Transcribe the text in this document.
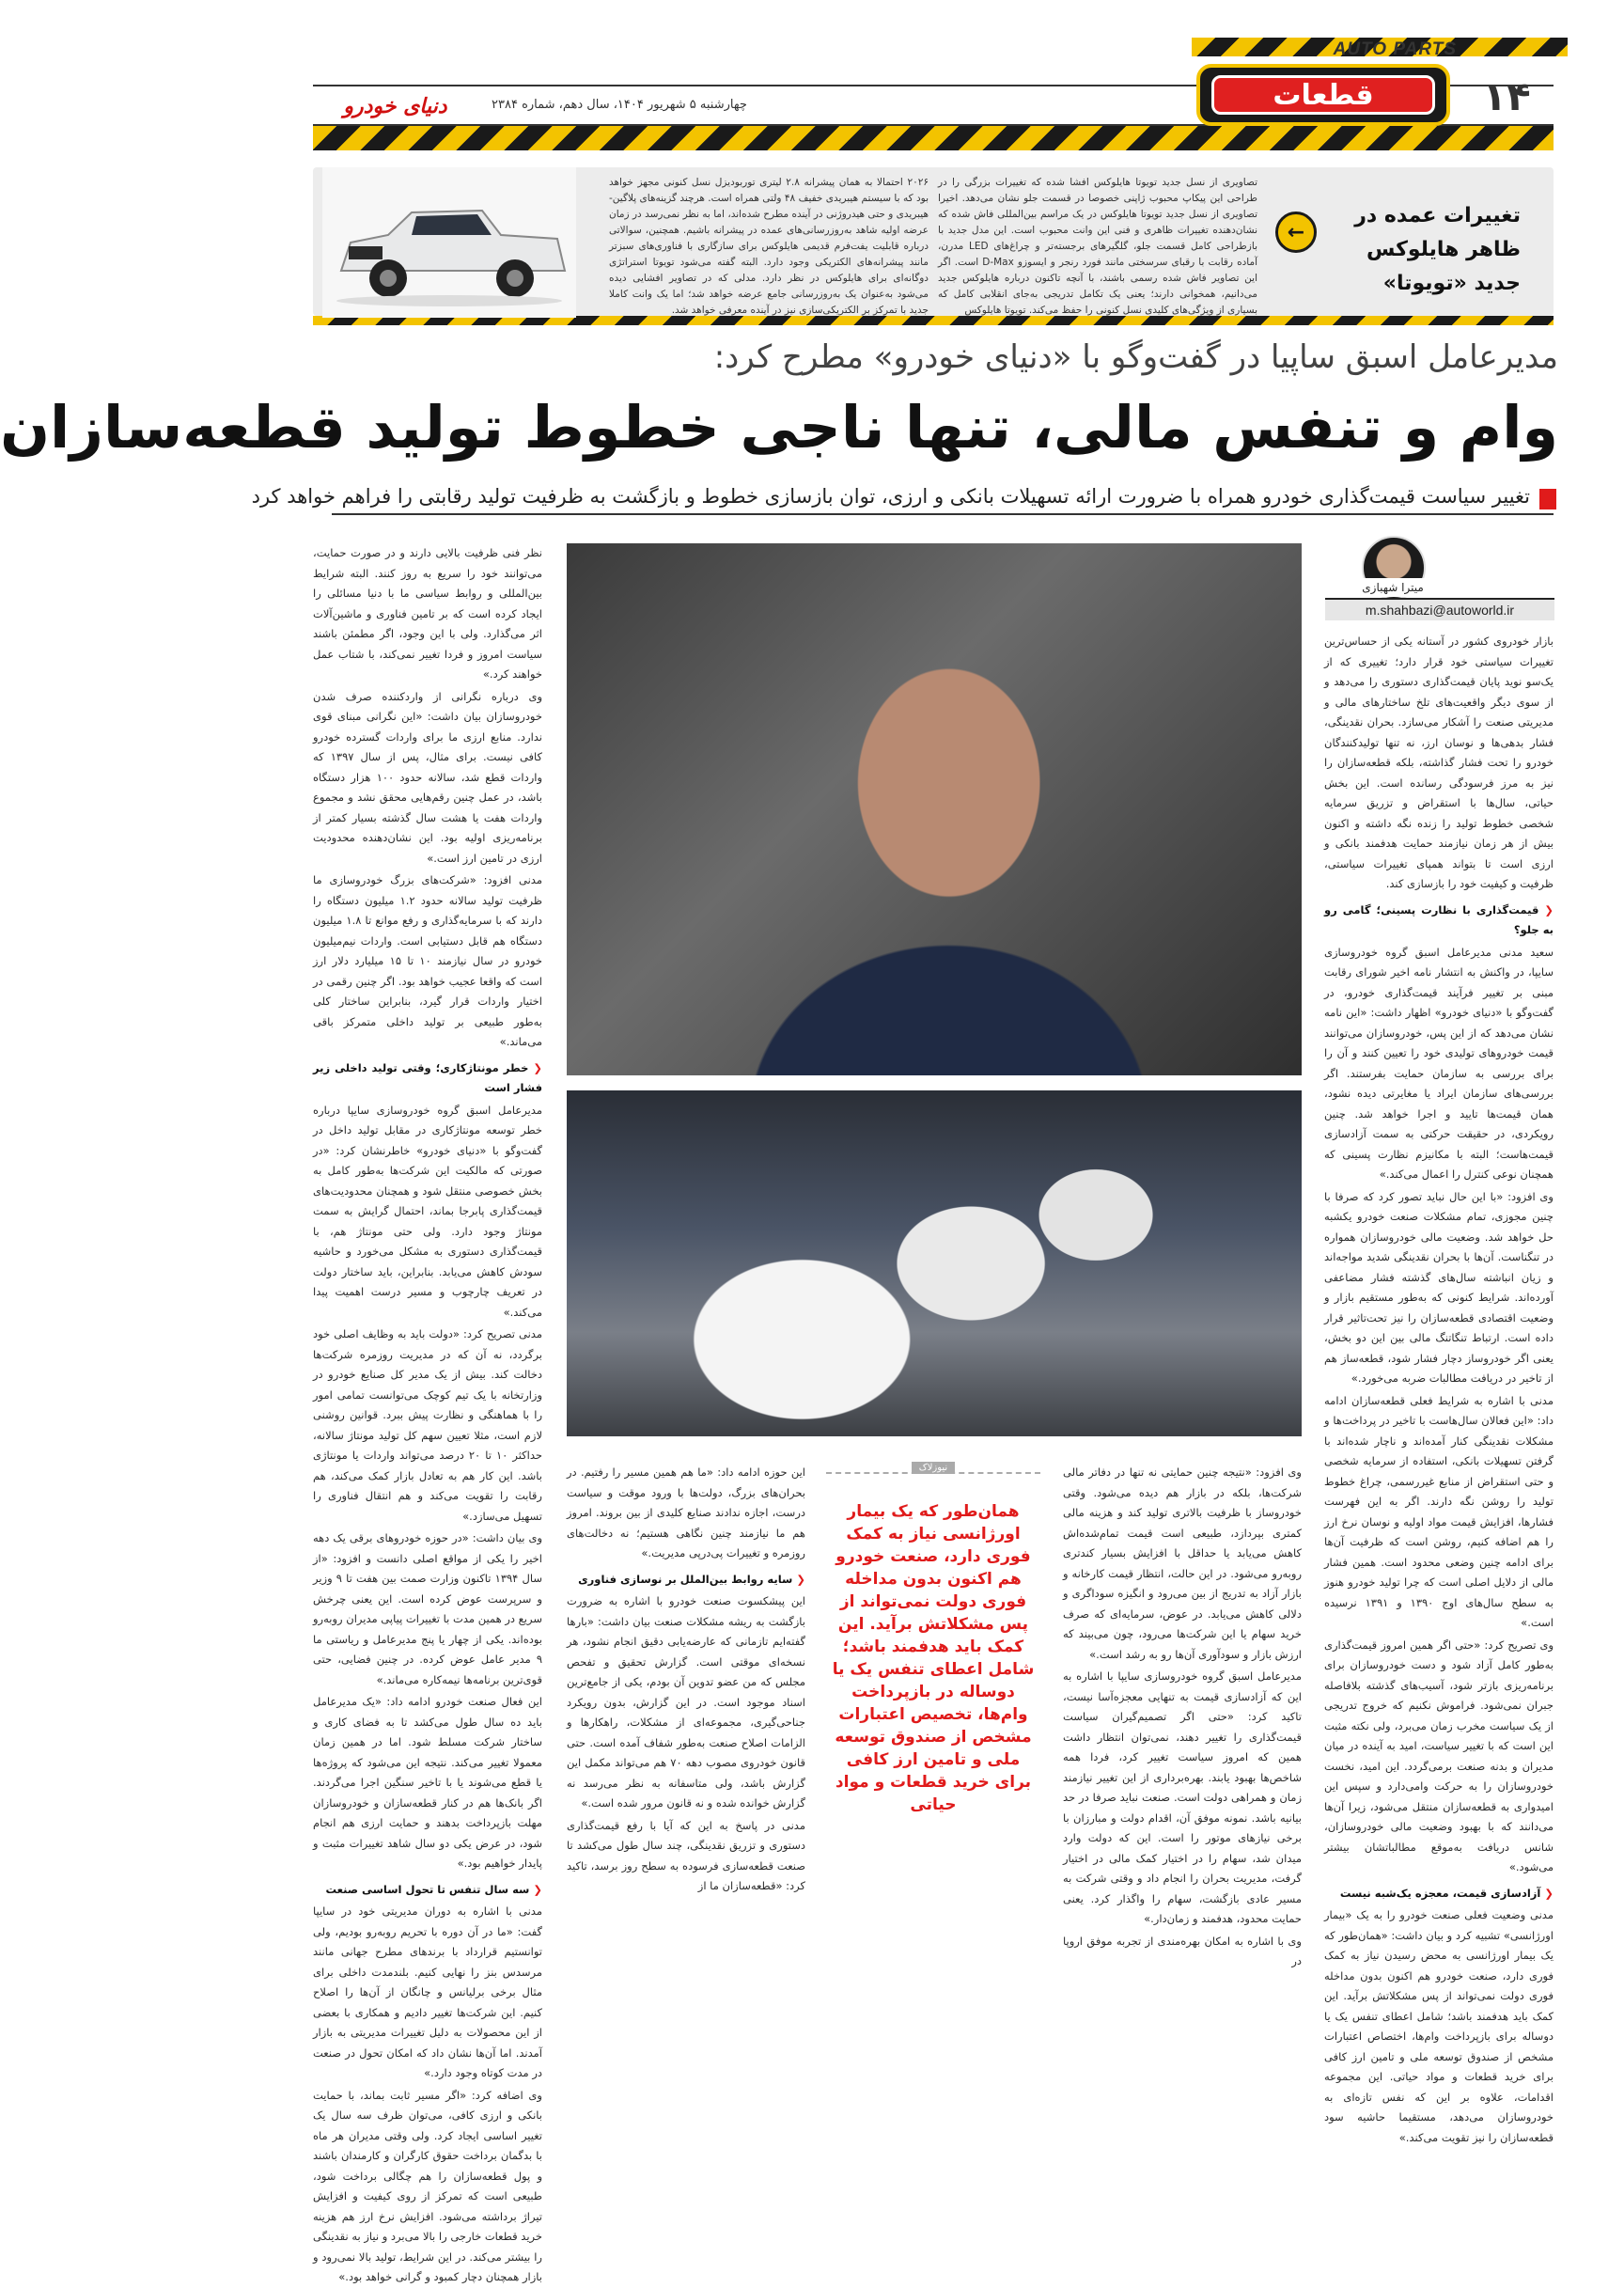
AUTO PARTS
قطعات	۱۴
چهارشنبه ۵ شهریور ۱۴۰۴، سال دهم، شماره ۲۳۸۴
دنیای خودرو
تغییرات عمده در ظاهر هایلوکس جدید «تویوتا»
←
تصاویری از نسل جدید تویوتا هایلوکس افشا شده که تغییرات بزرگی را در طراحی این پیکاپ محبوب ژاپنی خصوصا در قسمت جلو نشان می‌دهد. اخیرا تصاویری از نسل جدید تویوتا هایلوکس در یک مراسم بین‌المللی فاش شده که نشان‌دهنده تغییرات ظاهری و فنی این وانت محبوب است. این مدل جدید با بازطراحی کامل قسمت جلو، گلگیرهای برجسته‌تر و چراغ‌های LED مدرن، آماده رقابت با رقبای سرسختی مانند فورد رنجر و ایسوزو D-Max است. اگر این تصاویر فاش شده رسمی باشند، با آنچه تاکنون درباره هایلوکس جدید می‌دانیم، همخوانی دارند؛ یعنی یک تکامل تدریجی به‌جای انقلابی کامل که بسیاری از ویژگی‌های کلیدی نسل کنونی را حفظ می‌کند. تویوتا هایلوکس
۲۰۲۶ احتمالا به همان پیشرانه ۲.۸ لیتری توربودیزل نسل کنونی مجهز خواهد بود که با سیستم هیبریدی خفیف ۴۸ ولتی همراه است. هرچند گزینه‌های پلاگین-هیبریدی و حتی هیدروژنی در آینده مطرح شده‌اند، اما به نظر نمی‌رسد در زمان عرضه اولیه شاهد به‌روزرسانی‌های عمده در پیشرانه باشیم. همچنین، سوالاتی درباره قابلیت یفت‌فرم قدیمی هایلوکس برای سازگاری با فناوری‌های سبزتر مانند پیشرانه‌های الکتریکی وجود دارد. البته گفته می‌شود تویوتا استراتژی دوگانه‌ای برای هایلوکس در نظر دارد. مدلی که در تصاویر افشایی دیده می‌شود به‌عنوان یک به‌روزرسانی جامع عرضه خواهد شد؛ اما یک وانت کاملا جدید با تمرکز بر الکتریکی‌سازی نیز در آینده معرفی خواهد شد.
مدیرعامل اسبق ساپیا در گفت‌وگو با «دنیای خودرو» مطرح کرد:
وام و تنفس مالی، تنها ناجی خطوط تولید قطعه‌سازان
تغییر سیاست قیمت‌گذاری خودرو همراه با ضرورت ارائه تسهیلات بانکی و ارزی، توان بازسازی خطوط و بازگشت به ظرفیت تولید رقابتی را فراهم خواهد کرد
میترا شهبازی
m.shahbazi@autoworld.ir

بازار خودروی کشور در آستانه یکی از حساس‌ترین تغییرات سیاستی خود قرار دارد؛ تغییری که از یک‌سو نوید پایان قیمت‌گذاری دستوری را می‌دهد و از سوی دیگر واقعیت‌های تلخ ساختارهای مالی و مدیریتی صنعت را آشکار می‌سازد. بحران نقدینگی، فشار بدهی‌ها و نوسان ارز، نه تنها تولیدکنندگان خودرو را تحت فشار گذاشته، بلکه قطعه‌سازان را نیز به مرز فرسودگی رسانده است. این بخش حیاتی، سال‌ها با استقراض و تزریق سرمایه شخصی خطوط تولید را زنده نگه داشته و اکنون بیش از هر زمان نیازمند حمایت هدفمند بانکی و ارزی است تا بتواند همپای تغییرات سیاستی، ظرفیت و کیفیت خود را بازسازی کند.

❮ قیمت‌گذاری با نظارت پسینی؛ گامی رو به جلو؟

سعید مدنی مدیرعامل اسبق گروه خودروسازی سایپا، در واکنش به انتشار نامه اخیر شورای رقابت مبنی بر تغییر فرآیند قیمت‌گذاری خودرو، در گفت‌وگو با «دنیای خودرو» اظهار داشت: «این نامه نشان می‌دهد که از این پس، خودروسازان می‌توانند قیمت خودروهای تولیدی خود را تعیین کنند و آن را برای بررسی به سازمان حمایت بفرستند. اگر بررسی‌های سازمان ایراد یا مغایرتی دیده نشود، همان قیمت‌ها تایید و اجرا خواهد شد. چنین رویکردی، در حقیقت حرکتی به سمت آزادسازی قیمت‌هاست؛ البته با مکانیزم نظارت پسینی که همچنان نوعی کنترل را اعمال می‌کند.»

وی افزود: «با این حال نباید تصور کرد که صرفا با چنین مجوزی، تمام مشکلات صنعت خودرو یکشبه حل خواهد شد. وضعیت مالی خودروسازان همواره در تنگناست. آن‌ها با بحران نقدینگی شدید مواجه‌اند و زیان انباشته سال‌های گذشته فشار مضاعفی آورده‌اند. شرایط کنونی که به‌طور مستقیم بازار و وضعیت اقتصادی قطعه‌سازان را نیز تحت‌تاثیر قرار داده است. ارتباط تنگاتنگ مالی بین این دو بخش، یعنی اگر خودروساز دچار فشار شود، قطعه‌ساز هم از تاخیر در دریافت مطالبات ضربه می‌خورد.»

مدنی با اشاره به شرایط فعلی قطعه‌سازان ادامه داد: «این فعالان سال‌هاست با تاخیر در پرداخت‌ها و مشکلات نقدینگی کنار آمده‌اند و ناچار شده‌اند با گرفتن تسهیلات بانکی، استفاده از سرمایه شخصی و حتی استقراض از منابع غیررسمی، چراغ خطوط تولید را روشن نگه دارند. اگر به این فهرست فشارها، افزایش قیمت مواد اولیه و نوسان نرخ ارز را هم اضافه کنیم، روشن است که ظرفیت آن‌ها برای ادامه چنین وضعی محدود است. همین فشار مالی از دلایل اصلی است که چرا تولید خودرو هنوز به سطح سال‌های اوج ۱۳۹۰ و ۱۳۹۱ نرسیده است.»

وی تصریح کرد: «حتی اگر همین امروز قیمت‌گذاری به‌طور کامل آزاد شود و دست خودروسازان برای برنامه‌ریزی بازتر شود، آسیب‌های گذشته بلافاصله جبران نمی‌شود. فراموش نکنیم که خروج تدریجی از یک سیاست مخرب زمان می‌برد، ولی نکته مثبت این است که با تغییر سیاست، امید به آینده در میان مدیران و بدنه صنعت برمی‌گردد. این امید، نخست خودروسازان را به حرکت وامی‌دارد و سپس این امیدواری به قطعه‌سازان منتقل می‌شود، زیرا آن‌ها می‌دانند که با بهبود وضعیت مالی خودروسازان، شانس دریافت به‌موقع مطالباتشان بیشتر می‌شود.»

❮ آزادسازی قیمت، معجزه یک‌شبه نیست

مدنی وضعیت فعلی صنعت خودرو را به یک «بیمار اورژانسی» تشبیه کرد و بیان داشت: «همان‌طور که یک بیمار اورژانسی به محض رسیدن نیاز به کمک فوری دارد، صنعت خودرو هم اکنون بدون مداخله فوری دولت نمی‌تواند از پس مشکلاتش برآید. این کمک باید هدفمند باشد؛ شامل اعطای تنفس یک یا دوساله برای بازپرداخت وام‌ها، اختصاص اعتبارات مشخص از صندوق توسعه ملی و تامین ارز کافی برای خرید قطعات و مواد حیاتی. این مجموعه اقدامات، علاوه بر این که نفس تازه‌ای به خودروسازان می‌دهد، مستقیما حاشیه سود قطعه‌سازان را نیز تقویت می‌کند.»

نظر فنی ظرفیت بالایی دارند و در صورت حمایت، می‌توانند خود را سریع به روز کنند. البته شرایط بین‌المللی و روابط سیاسی ما با دنیا مسائلی را ایجاد کرده است که بر تامین فناوری و ماشین‌آلات اثر می‌گذارد. ولی با این وجود، اگر مطمئن باشند سیاست امروز و فردا تغییر نمی‌کند، با شتاب عمل خواهند کرد.»

وی درباره نگرانی از واردکننده صرف شدن خودروسازان بیان داشت: «این نگرانی مبنای قوی ندارد. منابع ارزی ما برای واردات گسترده خودرو کافی نیست. برای مثال، پس از سال ۱۳۹۷ که واردات قطع شد، سالانه حدود ۱۰۰ هزار دستگاه باشد، در عمل چنین رقم‌هایی محقق نشد و مجموع واردات هفت یا هشت سال گذشته بسیار کمتر از برنامه‌ریزی اولیه بود. این نشان‌دهنده محدودیت ارزی در تامین ارز است.»

مدنی افزود: «شرکت‌های بزرگ خودروسازی ما ظرفیت تولید سالانه حدود ۱.۲ میلیون دستگاه را دارند که با سرمایه‌گذاری و رفع موانع تا ۱.۸ میلیون دستگاه هم قابل دستیابی است. واردات نیم‌میلیون خودرو در سال نیازمند ۱۰ تا ۱۵ میلیارد دلار ارز است که واقعا عجیب خواهد بود. اگر چنین رقمی در اختیار واردات قرار گیرد، بنابراین ساختار کلی به‌طور طبیعی بر تولید داخلی متمرکز باقی می‌ماند.»

❮ خطر مونتاژکاری؛ وقتی تولید داخلی زیر فشار است

مدیرعامل اسبق گروه خودروسازی سایپا درباره خطر توسعه مونتاژکاری در مقابل تولید داخل در گفت‌وگو با «دنیای خودرو» خاطرنشان کرد: «در صورتی که مالکیت این شرکت‌ها به‌طور کامل به بخش خصوصی منتقل شود و همچنان محدودیت‌های قیمت‌گذاری پابرجا بماند، احتمال گرایش به سمت مونتاژ وجود دارد. ولی حتی مونتاژ هم، با قیمت‌گذاری دستوری به مشکل می‌خورد و حاشیه سودش کاهش می‌یابد. بنابراین، باید ساختار دولت در تعریف چارچوب و مسیر درست اهمیت پیدا می‌کند.»

مدنی تصریح کرد: «دولت باید به وظایف اصلی خود برگردد، نه آن که در مدیریت روزمره شرکت‌ها دخالت کند. بیش از یک مدیر کل صنایع خودرو در وزارتخانه با یک تیم کوچک می‌توانست تمامی امور را با هماهنگی و نظارت پیش ببرد. قوانین روشنی لازم است، مثلا تعیین سهم کل تولید مونتاژ سالانه، حداکثر ۱۰ تا ۲۰ درصد می‌تواند واردات یا مونتاژی باشد. این کار هم به تعادل بازار کمک می‌کند، هم رقابت را تقویت می‌کند و هم انتقال فناوری را تسهیل می‌سازد.»

وی بیان داشت: «در حوزه خودروهای برقی یک دهه اخیر را یکی از مواقع اصلی دانست و افزود: «از سال ۱۳۹۴ تاکنون وزارت صمت بین هفت تا ۹ وزیر و سرپرست عوض کرده است. این یعنی چرخش سریع در همین مدت با تغییرات پیاپی مدیران روبه‌رو بوده‌اند. یکی از چهار یا پنج مدیرعامل و ریاستی ما ۹ مدیر عامل عوض کرده. در چنین فضایی، حتی قوی‌ترین برنامه‌ها نیمه‌کاره می‌ماند.»

این فعال صنعت خودرو ادامه داد: «یک مدیرعامل باید ده سال طول می‌کشد تا به فضای کاری و ساختار شرکت مسلط شود. اما در همین زمان معمولا تغییر می‌کند. نتیجه این می‌شود که پروژه‌ها یا قطع می‌شوند یا با تاخیر سنگین اجرا می‌گردند. اگر بانک‌ها هم در کنار قطعه‌سازان و خودروسازان مهلت بازپرداخت بدهند و حمایت ارزی هم انجام شود، در عرض یکی دو سال شاهد تغییرات مثبت و پایدار خواهیم بود.»

❮ سه سال تنفس تا تحول اساسی صنعت

مدنی با اشاره به دوران مدیریتی خود در سایپا گفت: «ما در آن دوره با تحریم روبه‌رو بودیم، ولی توانستیم قرارداد با برندهای مطرح جهانی مانند مرسدس بنز را نهایی کنیم. بلندمدت داخلی برای مثال برخی برلیانس و چانگان از آن‌ها را اصلاح کنیم. این شرکت‌ها تغییر دادیم و همکاری با بعضی از این محصولات به دلیل تغییرات مدیریتی به بازار آمدند. اما آن‌ها نشان داد که امکان تحول در صنعت در مدت کوتاه وجود دارد.»

وی اضافه کرد: «اگر مسیر ثابت بماند، با حمایت بانکی و ارزی کافی، می‌توان ظرف سه سال یک تغییر اساسی ایجاد کرد. ولی وقتی مدیران هر ماه با بدگمان برداخت حقوق کارگران و کارمندان باشند و پول قطعه‌سازان را هم چگالی برداخت شود، طبیعی است که تمرکز از روی کیفیت و افزایش تیراژ برداشته می‌شود. افزایش نرخ ارز هم هزینه خرید قطعات خارجی را بالا می‌برد و نیاز به نقدینگی را بیشتر می‌کند. در این شرایط، تولید بالا نمی‌رود و بازار همچنان دچار کمبود و گرانی خواهد بود.»

وی افزود: «نتیجه چنین حمایتی نه تنها در دفاتر مالی شرکت‌ها، بلکه در بازار هم دیده می‌شود. وقتی خودروساز با ظرفیت بالاتری تولید کند و هزینه مالی کمتری بپردازد، طبیعی است قیمت تمام‌شده‌اش کاهش می‌یابد یا حداقل با افزایش بسیار کندتری روبه‌رو می‌شود. در این حالت، انتظار قیمت کارخانه و بازار آزاد به تدریج از بین می‌رود و انگیزه سوداگری و دلالی کاهش می‌یابد. در عوض، سرمایه‌ای که صرف خرید سهام یا این شرکت‌ها می‌رود، چون می‌بیند که ارزش بازار و سودآوری آن‌ها رو به رشد است.»

مدیرعامل اسبق گروه خودروسازی سایپا با اشاره به این که آزادسازی قیمت به تنهایی معجزه‌آسا نیست، تاکید کرد: «حتی اگر تصمیم‌گیران سیاست قیمت‌گذاری را تغییر دهند، نمی‌توان انتظار داشت همین که امروز سیاست تغییر کرد، فردا همه شاخص‌ها بهبود یابند. بهره‌برداری از این تغییر نیازمند زمان و همراهی دولت است. صنعت نباید صرفا در حد بیانیه باشد. نمونه موفق آن، اقدام دولت و مبارزان با برخی نیازهای موتور را است. این که دولت وارد میدان شد، سهام را در اختیار کمک مالی در اختیار گرفت، مدیریت بحران را انجام داد و وقتی شرکت به مسیر عادی بازگشت، سهام را واگذار کرد. یعنی حمایت محدود، هدفمند و زمان‌دار.»

وی با اشاره به امکان بهره‌مندی از تجربه موفق اروپا در

این حوزه ادامه داد: «ما هم همین مسیر را رفتیم. در بحران‌های بزرگ، دولت‌ها با ورود موقت و سیاست درست، اجازه ندادند صنایع کلیدی از بین بروند. امروز هم ما نیازمند چنین نگاهی هستیم؛ نه دخالت‌های روزمره و تغییرات پی‌درپی مدیریت.»

❮ سایه روابط بین‌الملل بر نوسازی فناوری

این پیشکسوت صنعت خودرو با اشاره به ضرورت بازگشت به ریشه مشکلات صنعت بیان داشت: «بارها گفته‌ایم تازمانی که عارضه‌یابی دقیق انجام نشود، هر نسخه‌ای موقتی است. گزارش تحقیق و تفحص مجلس که من عضو تدوین آن بودم، یکی از جامع‌ترین اسناد موجود است. در این گزارش، بدون رویکرد جناحی‌گیری، مجموعه‌ای از مشکلات، راهکارها و الزامات اصلاح صنعت به‌طور شفاف آمده است. حتی قانون خودروی مصوب دهه ۷۰ هم می‌تواند مکمل این گزارش باشد، ولی متاسفانه به نظر می‌رسد نه گزارش خوانده شده و نه قانون مرور شده است.»

مدنی در پاسخ به این که آیا با رفع قیمت‌گذاری دستوری و تزریق نقدینگی، چند سال طول می‌کشد تا صنعت قطعه‌سازی فرسوده به سطح روز برسد، تاکید کرد: «قطعه‌سازان ما از

نیوزلاک
همان‌طور که یک بیمار اورژانسی نیاز به کمک فوری دارد، صنعت خودرو هم اکنون بدون مداخله فوری دولت نمی‌تواند از پس مشکلاتش برآید. این کمک باید هدفمند باشد؛ شامل اعطای تنفس یک یا دوساله در بازپرداخت وام‌ها، تخصیص اعتبارات مشخص از صندوق توسعه ملی و تامین ارز کافی برای خرید قطعات و مواد حیاتی
